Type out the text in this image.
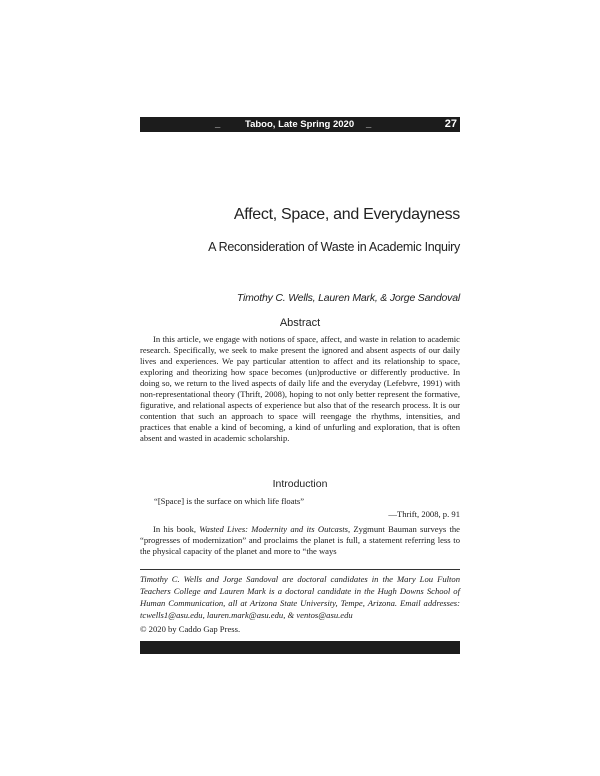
_	Taboo, Late Spring 2020 _	27
Affect, Space, and Everydayness
A Reconsideration of Waste in Academic Inquiry
Timothy C. Wells, Lauren Mark, & Jorge Sandoval
Abstract

In this article, we engage with notions of space, affect, and waste in relation to academic research. Specifically, we seek to make present the ignored and absent aspects of our daily lives and experiences. We pay particular attention to affect and its relationship to space, exploring and theorizing how space becomes (un)productive or differently productive. In doing so, we return to the lived aspects of daily life and the everyday (Lefebvre, 1991) with non-representational theory (Thrift, 2008), hoping to not only better represent the formative, figurative, and relational aspects of experience but also that of the research process. It is our contention that such an approach to space will reengage the rhythms, intensities, and practices that enable a kind of becoming, a kind of unfurling and exploration, that is often absent and wasted in academic scholarship.

Introduction
“[Space] is the surface on which life floats”
—Thrift, 2008, p. 91

In his book, Wasted Lives: Modernity and its Outcasts, Zygmunt Bauman surveys the “progresses of modernization” and proclaims the planet is full, a statement referring less to the physical capacity of the planet and more to “the ways

Timothy C. Wells and Jorge Sandoval are doctoral candidates in the Mary Lou Fulton Teachers College and Lauren Mark is a doctoral candidate in the Hugh Downs School of Human Communication, all at Arizona State University, Tempe, Arizona. Email addresses: tcwells1@asu.edu, lauren.mark@asu.edu, & ventos@asu.edu

© 2020 by Caddo Gap Press.
